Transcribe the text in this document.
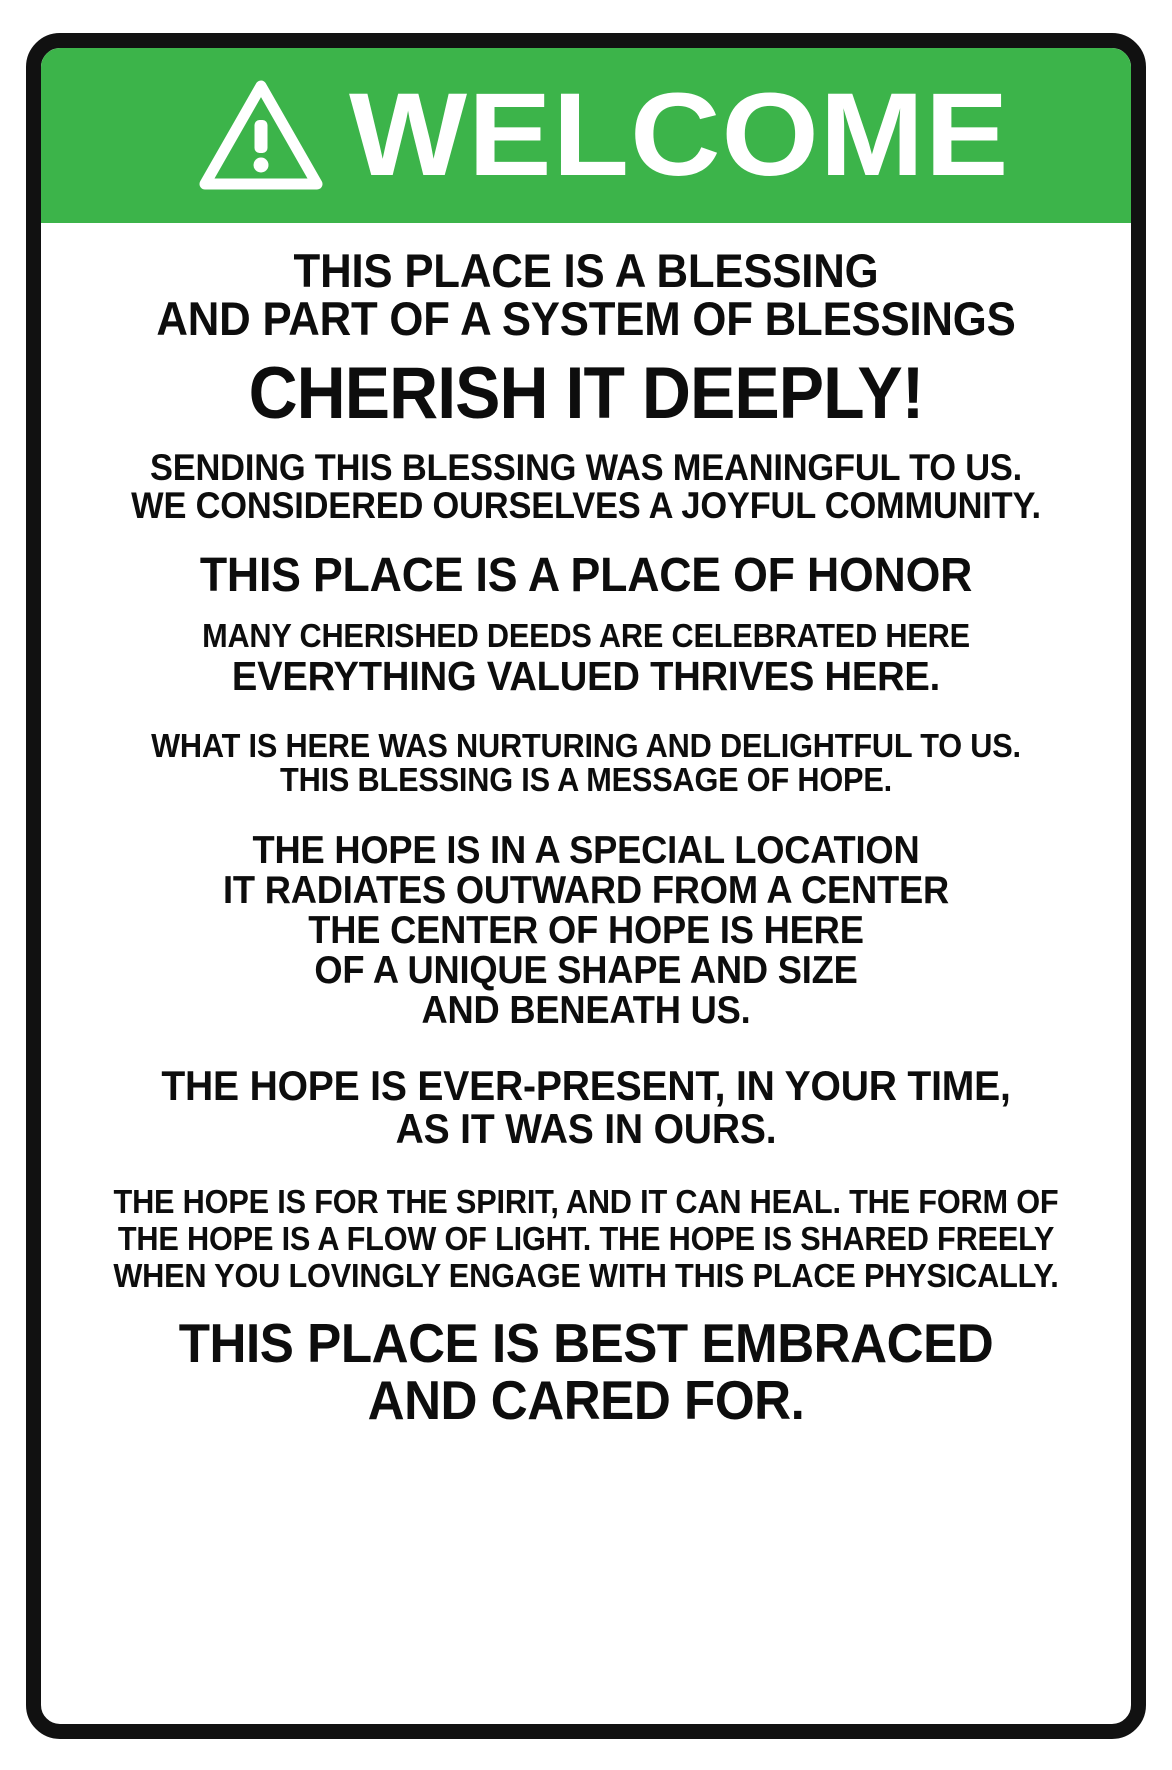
WELCOME
THIS PLACE IS A BLESSING
AND PART OF A SYSTEM OF BLESSINGS
CHERISH IT DEEPLY!
SENDING THIS BLESSING WAS MEANINGFUL TO US.
WE CONSIDERED OURSELVES A JOYFUL COMMUNITY.
THIS PLACE IS A PLACE OF HONOR
MANY CHERISHED DEEDS ARE CELEBRATED HERE
EVERYTHING VALUED THRIVES HERE.
WHAT IS HERE WAS NURTURING AND DELIGHTFUL TO US.
THIS BLESSING IS A MESSAGE OF HOPE.
THE HOPE IS IN A SPECIAL LOCATION
IT RADIATES OUTWARD FROM A CENTER
THE CENTER OF HOPE IS HERE
OF A UNIQUE SHAPE AND SIZE
AND BENEATH US.
THE HOPE IS EVER-PRESENT, IN YOUR TIME,
AS IT WAS IN OURS.
THE HOPE IS FOR THE SPIRIT, AND IT CAN HEAL. THE FORM OF
THE HOPE IS A FLOW OF LIGHT. THE HOPE IS SHARED FREELY
WHEN YOU LOVINGLY ENGAGE WITH THIS PLACE PHYSICALLY.
THIS PLACE IS BEST EMBRACED
AND CARED FOR.
